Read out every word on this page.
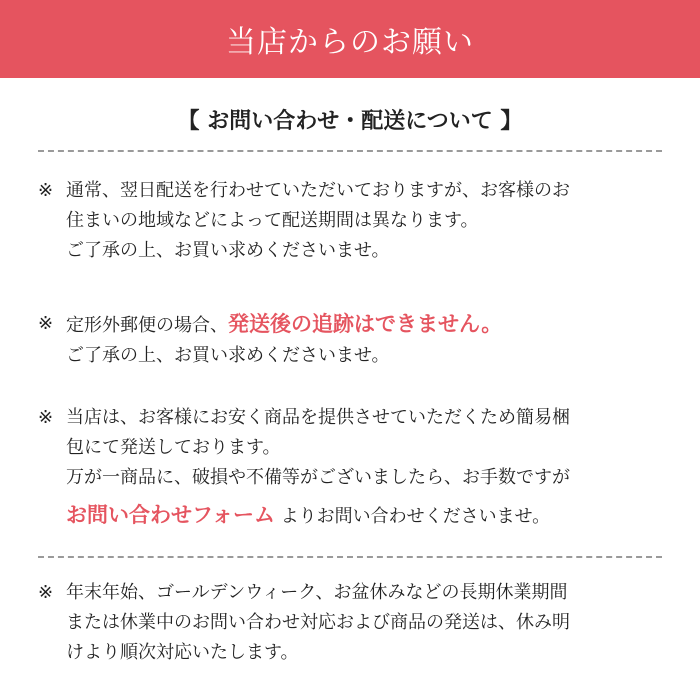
当店からのお願い
【 お問い合わせ・配送について 】
※ 通常、翌日配送を行わせていただいておりますが、お客様のお
住まいの地域などによって配送期間は異なります。
ご了承の上、お買い求めくださいませ。
※ 定形外郵便の場合、発送後の追跡はできません。
ご了承の上、お買い求めくださいませ。
※ 当店は、お客様にお安く商品を提供させていただくため簡易梱
包にて発送しております。
万が一商品に、破損や不備等がございましたら、お手数ですが
お問い合わせフォーム よりお問い合わせくださいませ。
※ 年末年始、ゴールデンウィーク、お盆休みなどの長期休業期間
または休業中のお問い合わせ対応および商品の発送は、休み明
けより順次対応いたします。
